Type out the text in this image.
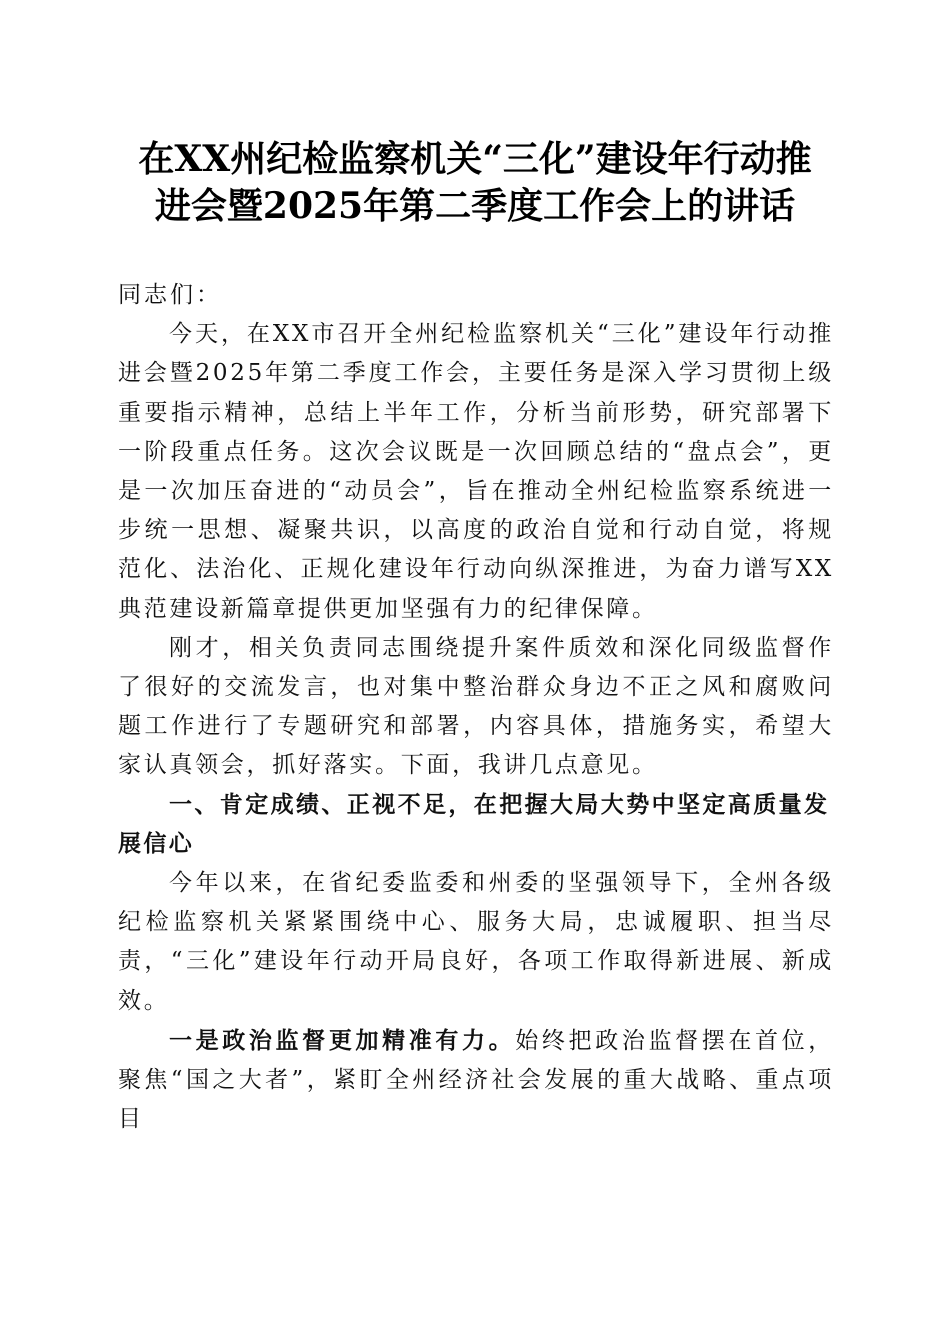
在XX州纪检监察机关“三化”建设年行动推
进会暨2025年第二季度工作会上的讲话

同志们：

今天，在XX市召开全州纪检监察机关“三化”建设年行动推进会暨2025年第二季度工作会，主要任务是深入学习贯彻上级重要指示精神，总结上半年工作，分析当前形势，研究部署下一阶段重点任务。这次会议既是一次回顾总结的“盘点会”，更是一次加压奋进的“动员会”，旨在推动全州纪检监察系统进一步统一思想、凝聚共识，以高度的政治自觉和行动自觉，将规范化、法治化、正规化建设年行动向纵深推进，为奋力谱写XX典范建设新篇章提供更加坚强有力的纪律保障。

刚才，相关负责同志围绕提升案件质效和深化同级监督作了很好的交流发言，也对集中整治群众身边不正之风和腐败问题工作进行了专题研究和部署，内容具体，措施务实，希望大家认真领会，抓好落实。下面，我讲几点意见。

一、肯定成绩、正视不足，在把握大局大势中坚定高质量发展信心

今年以来，在省纪委监委和州委的坚强领导下，全州各级纪检监察机关紧紧围绕中心、服务大局，忠诚履职、担当尽责，“三化”建设年行动开局良好，各项工作取得新进展、新成效。

一是政治监督更加精准有力。始终把政治监督摆在首位，聚焦“国之大者”，紧盯全州经济社会发展的重大战略、重点项目
